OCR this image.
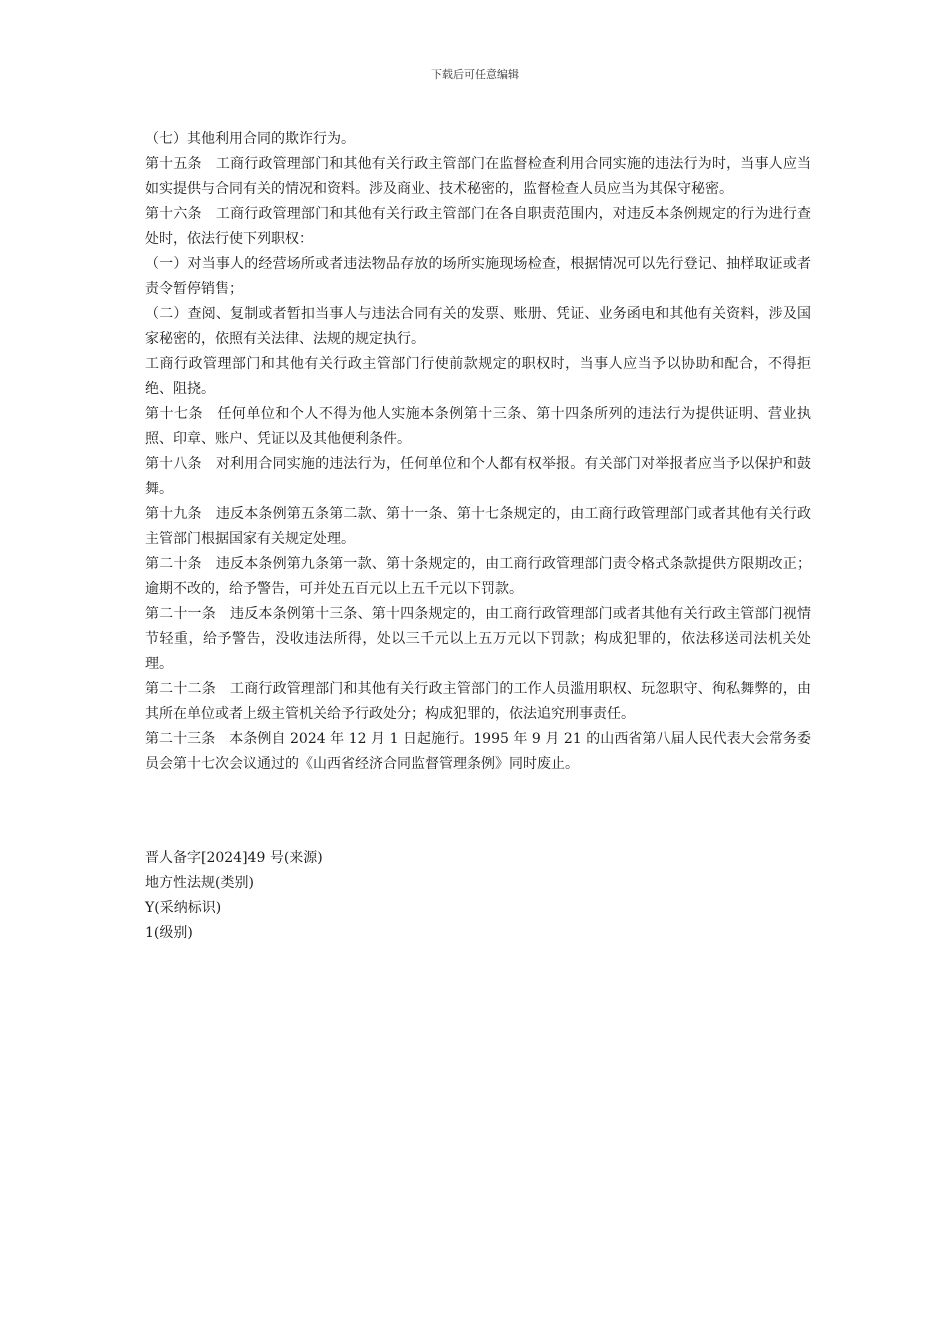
下载后可任意编辑

（七）其他利用合同的欺诈行为。

第十五条　工商行政管理部门和其他有关行政主管部门在监督检查利用合同实施的违法行为时，当事人应当如实提供与合同有关的情况和资料。涉及商业、技术秘密的，监督检查人员应当为其保守秘密。

第十六条　工商行政管理部门和其他有关行政主管部门在各自职责范围内，对违反本条例规定的行为进行查处时，依法行使下列职权：

（一）对当事人的经营场所或者违法物品存放的场所实施现场检查，根据情况可以先行登记、抽样取证或者责令暂停销售；

（二）查阅、复制或者暂扣当事人与违法合同有关的发票、账册、凭证、业务函电和其他有关资料，涉及国家秘密的，依照有关法律、法规的规定执行。

工商行政管理部门和其他有关行政主管部门行使前款规定的职权时，当事人应当予以协助和配合，不得拒绝、阻挠。

第十七条　任何单位和个人不得为他人实施本条例第十三条、第十四条所列的违法行为提供证明、营业执照、印章、账户、凭证以及其他便利条件。

第十八条　对利用合同实施的违法行为，任何单位和个人都有权举报。有关部门对举报者应当予以保护和鼓舞。

第十九条　违反本条例第五条第二款、第十一条、第十七条规定的，由工商行政管理部门或者其他有关行政主管部门根据国家有关规定处理。

第二十条　违反本条例第九条第一款、第十条规定的，由工商行政管理部门责令格式条款提供方限期改正；逾期不改的，给予警告，可并处五百元以上五千元以下罚款。

第二十一条　违反本条例第十三条、第十四条规定的，由工商行政管理部门或者其他有关行政主管部门视情节轻重，给予警告，没收违法所得，处以三千元以上五万元以下罚款；构成犯罪的，依法移送司法机关处理。

第二十二条　工商行政管理部门和其他有关行政主管部门的工作人员滥用职权、玩忽职守、徇私舞弊的，由其所在单位或者上级主管机关给予行政处分；构成犯罪的，依法追究刑事责任。

第二十三条　本条例自 2024 年 12 月 1 日起施行。1995 年 9 月 21 的山西省第八届人民代表大会常务委员会第十七次会议通过的《山西省经济合同监督管理条例》同时废止。

晋人备字[2024]49 号(来源)

地方性法规(类别)

Y(采纳标识)

1(级别)
